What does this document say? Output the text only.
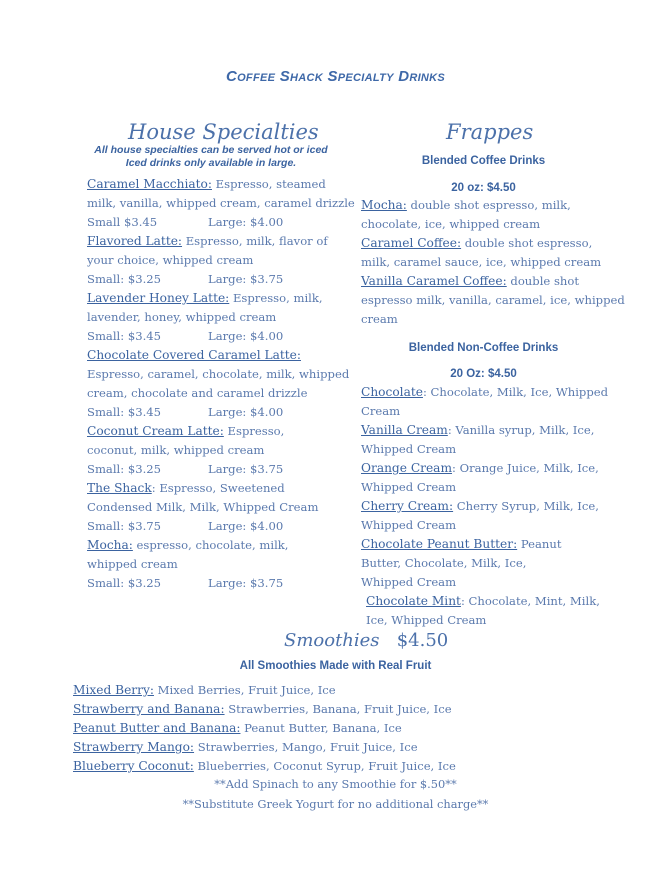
Coffee Shack Specialty Drinks
House Specialties
All house specialties can be served hot or iced
Iced drinks only available in large.
Caramel Macchiato: Espresso, steamed
milk, vanilla, whipped cream, caramel drizzle
Small $3.45	Large: $4.00
Flavored Latte: Espresso, milk, flavor of
your choice, whipped cream
Small: $3.25	Large: $3.75
Lavender Honey Latte: Espresso, milk,
lavender, honey, whipped cream
Small: $3.45	Large: $4.00
Chocolate Covered Caramel Latte:
Espresso, caramel, chocolate, milk, whipped
cream, chocolate and caramel drizzle
Small: $3.45	Large: $4.00
Coconut Cream Latte: Espresso,
coconut, milk, whipped cream
Small: $3.25	Large: $3.75
The Shack: Espresso, Sweetened
Condensed Milk, Milk, Whipped Cream
Small: $3.75	Large: $4.00
Mocha: espresso, chocolate, milk,
whipped cream
Small: $3.25	Large: $3.75
Frappes
Blended Coffee Drinks
20 oz: $4.50
Mocha: double shot espresso, milk,
chocolate, ice, whipped cream
Caramel Coffee: double shot espresso,
milk, caramel sauce, ice, whipped cream
Vanilla Caramel Coffee: double shot
espresso milk, vanilla, caramel, ice, whipped
cream
Blended Non-Coffee Drinks
20 Oz: $4.50
Chocolate: Chocolate, Milk, Ice, Whipped
Cream
Vanilla Cream: Vanilla syrup, Milk, Ice,
Whipped Cream
Orange Cream: Orange Juice, Milk, Ice,
Whipped Cream
Cherry Cream: Cherry Syrup, Milk, Ice,
Whipped Cream
Chocolate Peanut Butter: Peanut
Butter, Chocolate, Milk, Ice,
Whipped Cream
Chocolate Mint: Chocolate, Mint, Milk,
Ice, Whipped Cream
Smoothies $4.50
All Smoothies Made with Real Fruit
Mixed Berry: Mixed Berries, Fruit Juice, Ice
Strawberry and Banana: Strawberries, Banana, Fruit Juice, Ice
Peanut Butter and Banana: Peanut Butter, Banana, Ice
Strawberry Mango: Strawberries, Mango, Fruit Juice, Ice
Blueberry Coconut: Blueberries, Coconut Syrup, Fruit Juice, Ice
**Add Spinach to any Smoothie for $.50**
**Substitute Greek Yogurt for no additional charge**
